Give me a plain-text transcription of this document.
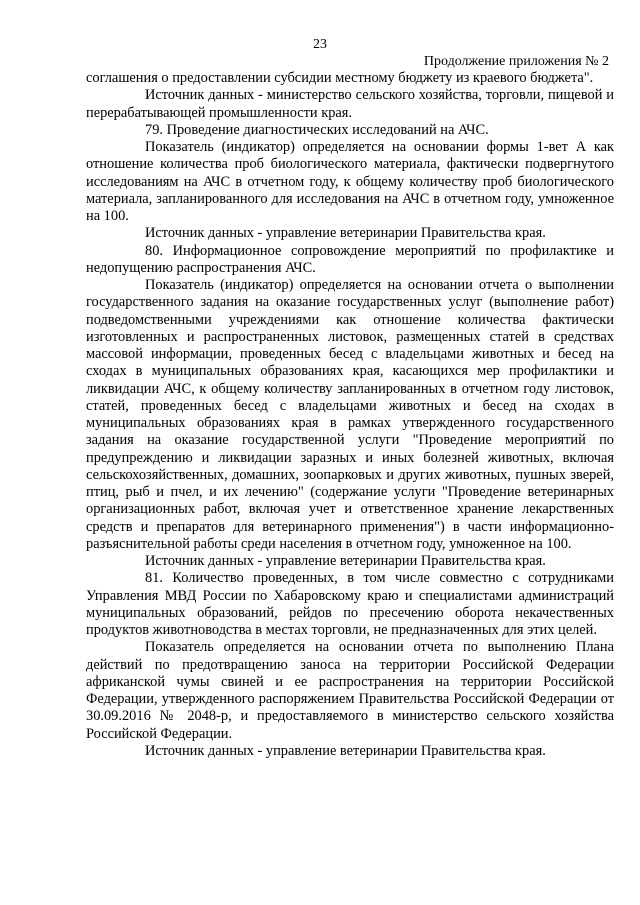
23
Продолжение приложения № 2

соглашения о предоставлении субсидии местному бюджету из краевого бюджета".

Источник данных - министерство сельского хозяйства, торговли, пищевой и перерабатывающей промышленности края.

79. Проведение диагностических исследований на АЧС.

Показатель (индикатор) определяется на основании формы 1-вет А как отношение количества проб биологического материала, фактически подвергнутого исследованиям на АЧС в отчетном году, к общему количеству проб биологического материала, запланированного для исследования на АЧС в отчетном году, умноженное на 100.

Источник данных - управление ветеринарии Правительства края.

80. Информационное сопровождение мероприятий по профилактике и недопущению распространения АЧС.

Показатель (индикатор) определяется на основании отчета о выполнении государственного задания на оказание государственных услуг (выполнение работ) подведомственными учреждениями как отношение количества фактически изготовленных и распространенных листовок, размещенных статей в средствах массовой информации, проведенных бесед с владельцами животных и бесед на сходах в муниципальных образованиях края, касающихся мер профилактики и ликвидации АЧС, к общему количеству запланированных в отчетном году листовок, статей, проведенных бесед с владельцами животных и бесед на сходах в муниципальных образованиях края в рамках утвержденного государственного задания на оказание государственной услуги "Проведение мероприятий по предупреждению и ликвидации заразных и иных болезней животных, включая сельскохозяйственных, домашних, зоопарковых и других животных, пушных зверей, птиц, рыб и пчел, и их лечению" (содержание услуги "Проведение ветеринарных организационных работ, включая учет и ответственное хранение лекарственных средств и препаратов для ветеринарного применения") в части информационно-разъяснительной работы среди населения в отчетном году, умноженное на 100.

Источник данных - управление ветеринарии Правительства края.

81. Количество проведенных, в том числе совместно с сотрудниками Управления МВД России по Хабаровскому краю и специалистами администраций муниципальных образований, рейдов по пресечению оборота некачественных продуктов животноводства в местах торговли, не предназначенных для этих целей.

Показатель определяется на основании отчета по выполнению Плана действий по предотвращению заноса на территории Российской Федерации африканской чумы свиней и ее распространения на территории Российской Федерации, утвержденного распоряжением Правительства Российской Федерации от 30.09.2016 № 2048-р, и предоставляемого в министерство сельского хозяйства Российской Федерации.

Источник данных - управление ветеринарии Правительства края.
